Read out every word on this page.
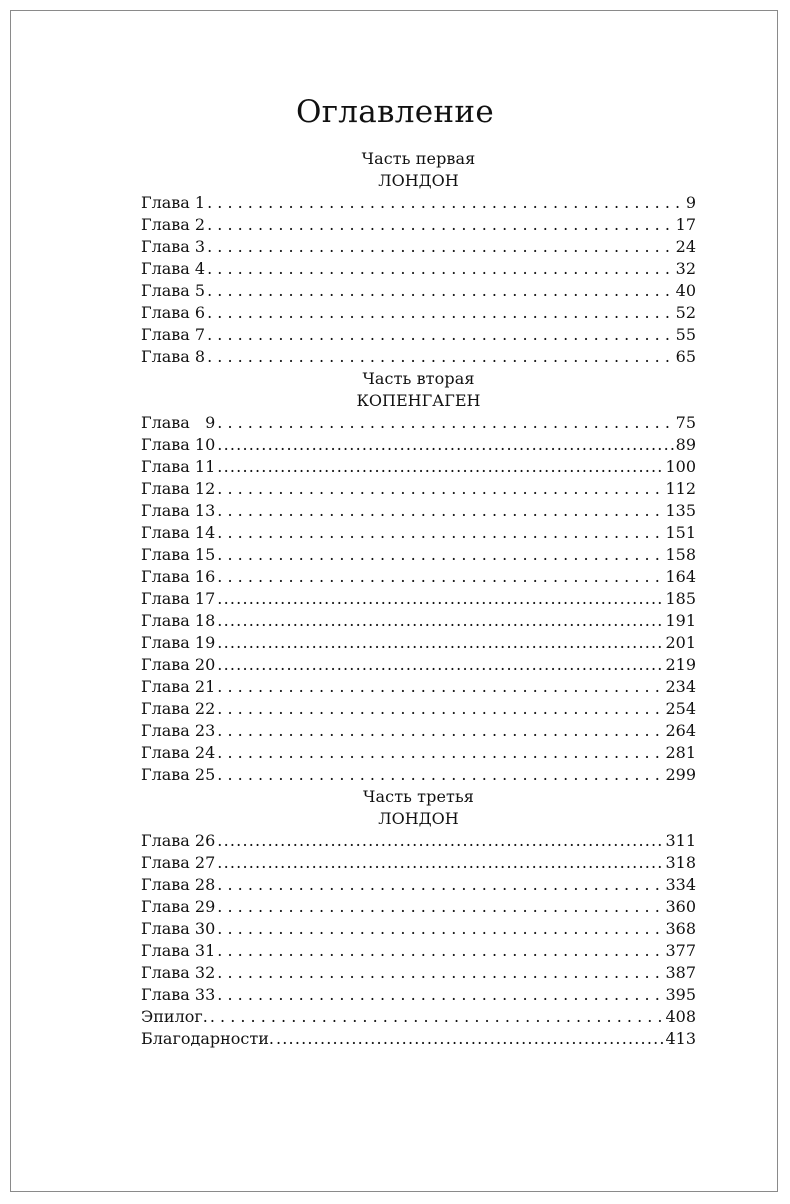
Оглавление
Часть первая
ЛОНДОН
Глава 1 . . .	9
Глава 2 . . .	17
Глава 3 . . .	24
Глава 4 . . .	32
Глава 5 . . .	40
Глава 6 . . .	52
Глава 7 . . .	55
Глава 8 . . .	65
Часть вторая
КОПЕНГАГЕН
Глава   9 . . .	75
Глава 10 .....	89
Глава 11 .....	100
Глава 12 . . .	112
Глава 13 . . .	135
Глава 14 . . .	151
Глава 15 . . .	158
Глава 16 . . .	164
Глава 17 .....	185
Глава 18 .....	191
Глава 19 .....	201
Глава 20 .....	219
Глава 21 . . .	234
Глава 22 . . .	254
Глава 23 . . .	264
Глава 24 . . .	281
Глава 25 . . .	299
Часть третья
ЛОНДОН
Глава 26 .....	311
Глава 27 .....	318
Глава 28 . . .	334
Глава 29 . . .	360
Глава 30 . . .	368
Глава 31 . . .	377
Глава 32 . . .	387
Глава 33 . . .	395
Эпилог. . . .	408
Благодарности. .....	413
